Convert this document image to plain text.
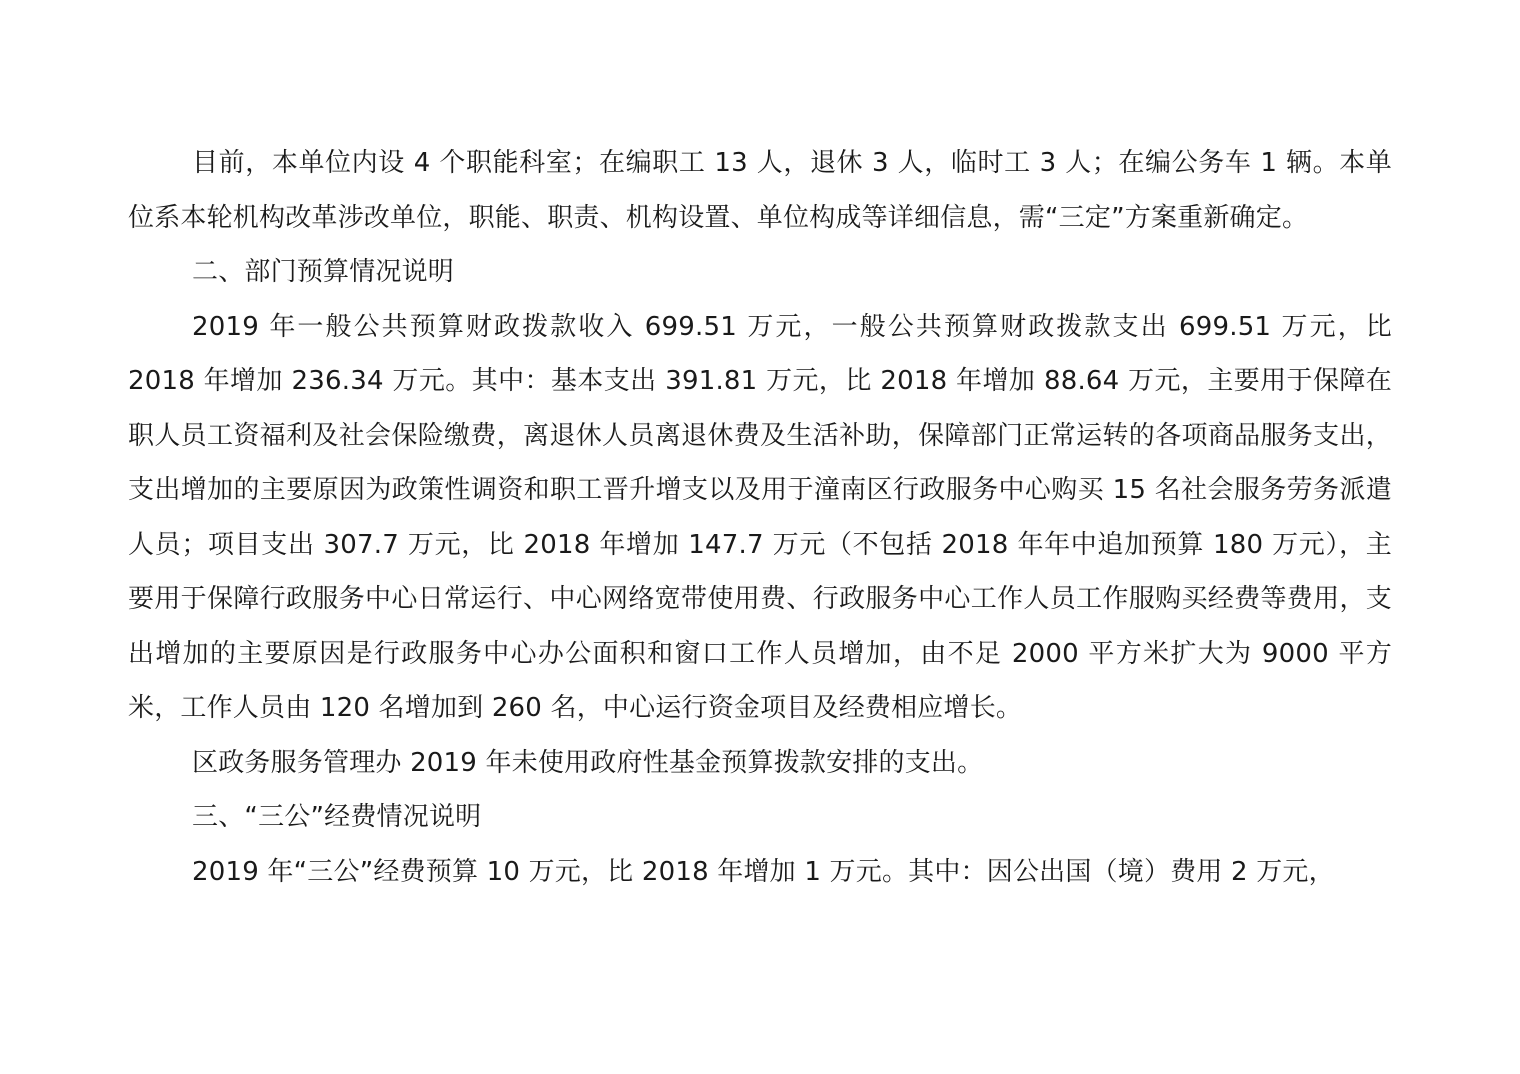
目前，本单位内设 4 个职能科室；在编职工 13 人，退休 3 人，临时工 3 人；在编公务车 1 辆。本单位系本轮机构改革涉改单位，职能、职责、机构设置、单位构成等详细信息，需“三定”方案重新确定。

二、部门预算情况说明

2019 年一般公共预算财政拨款收入 699.51 万元，一般公共预算财政拨款支出 699.51 万元，比 2018 年增加 236.34 万元。其中：基本支出 391.81 万元，比 2018 年增加 88.64 万元，主要用于保障在职人员工资福利及社会保险缴费，离退休人员离退休费及生活补助，保障部门正常运转的各项商品服务支出，支出增加的主要原因为政策性调资和职工晋升增支以及用于潼南区行政服务中心购买 15 名社会服务劳务派遣人员；项目支出 307.7 万元，比 2018 年增加 147.7 万元（不包括 2018 年年中追加预算 180 万元），主要用于保障行政服务中心日常运行、中心网络宽带使用费、行政服务中心工作人员工作服购买经费等费用，支出增加的主要原因是行政服务中心办公面积和窗口工作人员增加，由不足 2000 平方米扩大为 9000 平方米，工作人员由 120 名增加到 260 名，中心运行资金项目及经费相应增长。

区政务服务管理办 2019 年未使用政府性基金预算拨款安排的支出。

三、“三公”经费情况说明

2019 年“三公”经费预算 10 万元，比 2018 年增加 1 万元。其中：因公出国（境）费用 2 万元，
